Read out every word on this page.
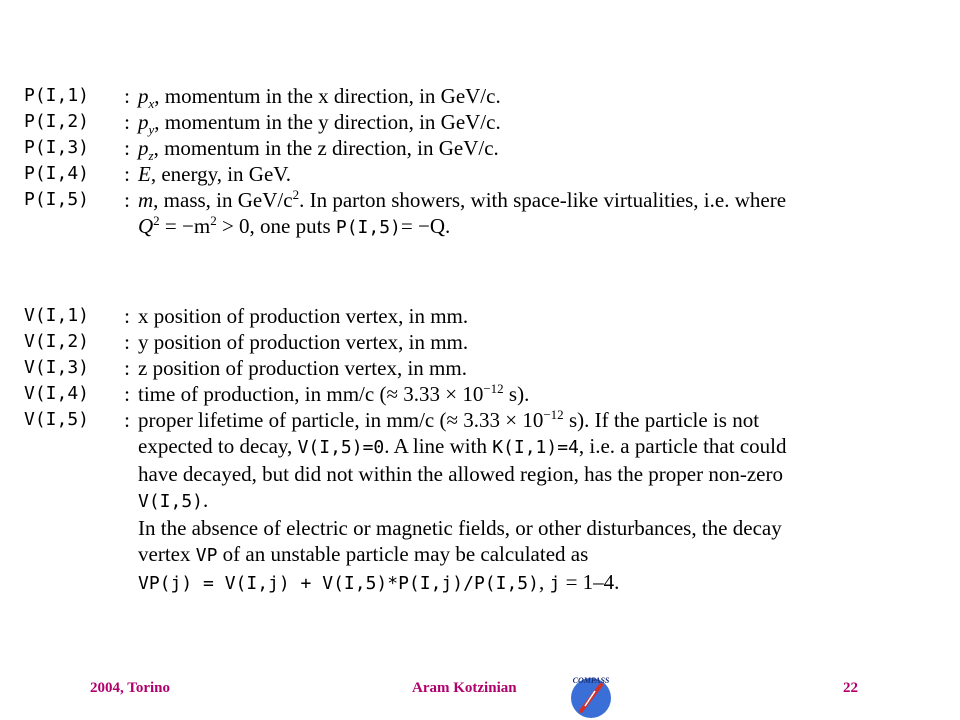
P(I,1)	: $p_x$, momentum in the x direction, in GeV/c.
P(I,2)	: $p_y$, momentum in the y direction, in GeV/c.
P(I,3)	: $p_z$, momentum in the z direction, in GeV/c.
P(I,4)	: E, energy, in GeV.
P(I,5)	: m, mass, in GeV/$c^2$. In parton showers, with space-like virtualities, i.e. where
$Q^2 = -m^2 > 0$, one puts P(I,5)= −Q.
V(I,1)	: x position of production vertex, in mm.
V(I,2)	: y position of production vertex, in mm.
V(I,3)	: z position of production vertex, in mm.
V(I,4)	: time of production, in mm/c (≈ $3.33 \times 10^{-12}$ s).
V(I,5)	: proper lifetime of particle, in mm/c (≈ $3.33 \times 10^{-12}$ s). If the particle is not
expected to decay, V(I,5)=0. A line with K(I,1)=4, i.e. a particle that could
have decayed, but did not within the allowed region, has the proper non-zero
V(I,5).
In the absence of electric or magnetic fields, or other disturbances, the decay
vertex VP of an unstable particle may be calculated as
VP(j) = V(I,j) + V(I,5)*P(I,j)/P(I,5), j = 1–4.
2004, Torino	Aram Kotzinian	22
COMPASS
